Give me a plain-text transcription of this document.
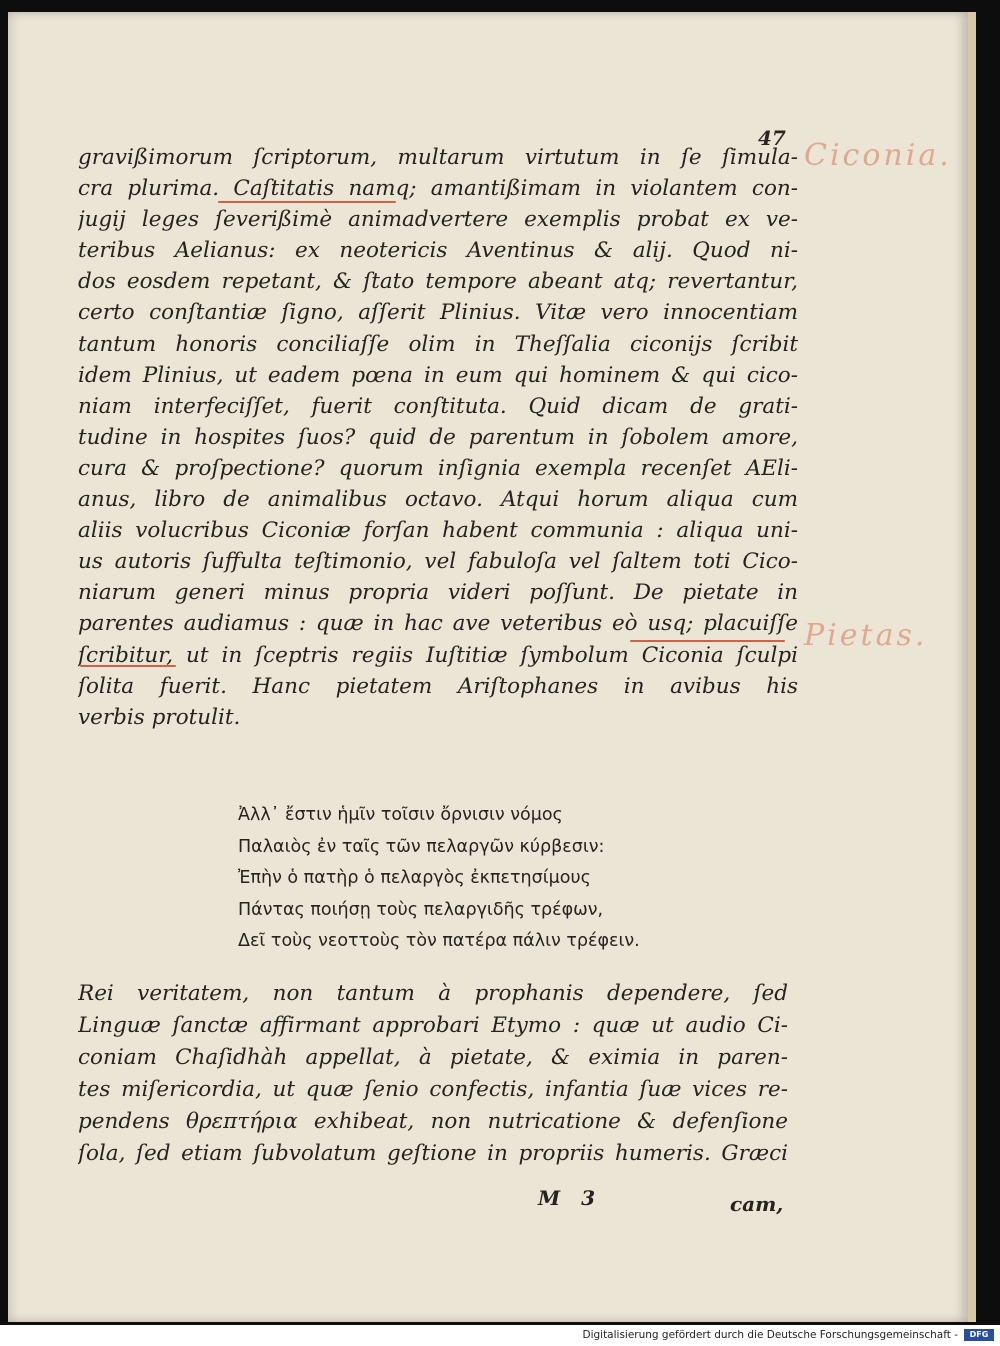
47 Ciconia.
Pietas.
gravißimorum ſcriptorum, multarum virtutum in ſe ſimula-
cra plurima. Caſtitatis namq; amantißimam in violantem con-
jugij leges ſeverißimè animadvertere exemplis probat ex ve-
teribus Aelianus: ex neotericis Aventinus & alij. Quod ni-
dos eosdem repetant, & ſtato tempore abeant atq; revertantur,
certo conſtantiæ ſigno, aſſerit Plinius. Vitæ vero innocentiam
tantum honoris conciliaſſe olim in Theſſalia ciconijs ſcribit
idem Plinius, ut eadem pœna in eum qui hominem & qui cico-
niam interfeciſſet, fuerit conſtituta. Quid dicam de grati-
tudine in hospites ſuos? quid de parentum in ſobolem amore,
cura & proſpectione? quorum inſignia exempla recenſet AEli-
anus, libro de animalibus octavo. Atqui horum aliqua cum
aliis volucribus Ciconiæ forſan habent communia : aliqua uni-
us autoris ſuffulta teſtimonio, vel fabuloſa vel ſaltem toti Cico-
niarum generi minus propria videri poſſunt. De pietate in
parentes audiamus : quæ in hac ave veteribus eò usq; placuiſſe
ſcribitur, ut in ſceptris regiis Iuſtitiæ ſymbolum Ciconia ſculpi
ſolita fuerit. Hanc pietatem Ariſtophanes in avibus his
verbis protulit.
Ἀλλ᾽ ἔστιν ἡμῖν τοῖσιν ὄρνισιν νόμος
Παλαιὸς ἐν ταῖς τῶν πελαργῶν κύρβεσιν:
Ἐπὴν ὁ πατὴρ ὁ πελαργὸς ἐκπετησίμους
Πάντας ποιήσῃ τοὺς πελαργιδῆς τρέφων,
Δεῖ τοὺς νεοττοὺς τὸν πατέρα πάλιν τρέφειν.
Rei veritatem, non tantum à prophanis dependere, ſed
Linguæ ſanctæ affirmant approbari Etymo : quæ ut audio Ci-
coniam Chaſidhàh appellat, à pietate, & eximia in paren-
tes miſericordia, ut quæ ſenio confectis, infantia ſuæ vices re-
pendens θρεπτήρια exhibeat, non nutricatione & defenſione
ſola, ſed etiam ſubvolatum geſtione in propriis humeris. Græci
M 3	cam,
Digitalisierung gefördert durch die Deutsche Forschungsgemeinschaft -	DFG
